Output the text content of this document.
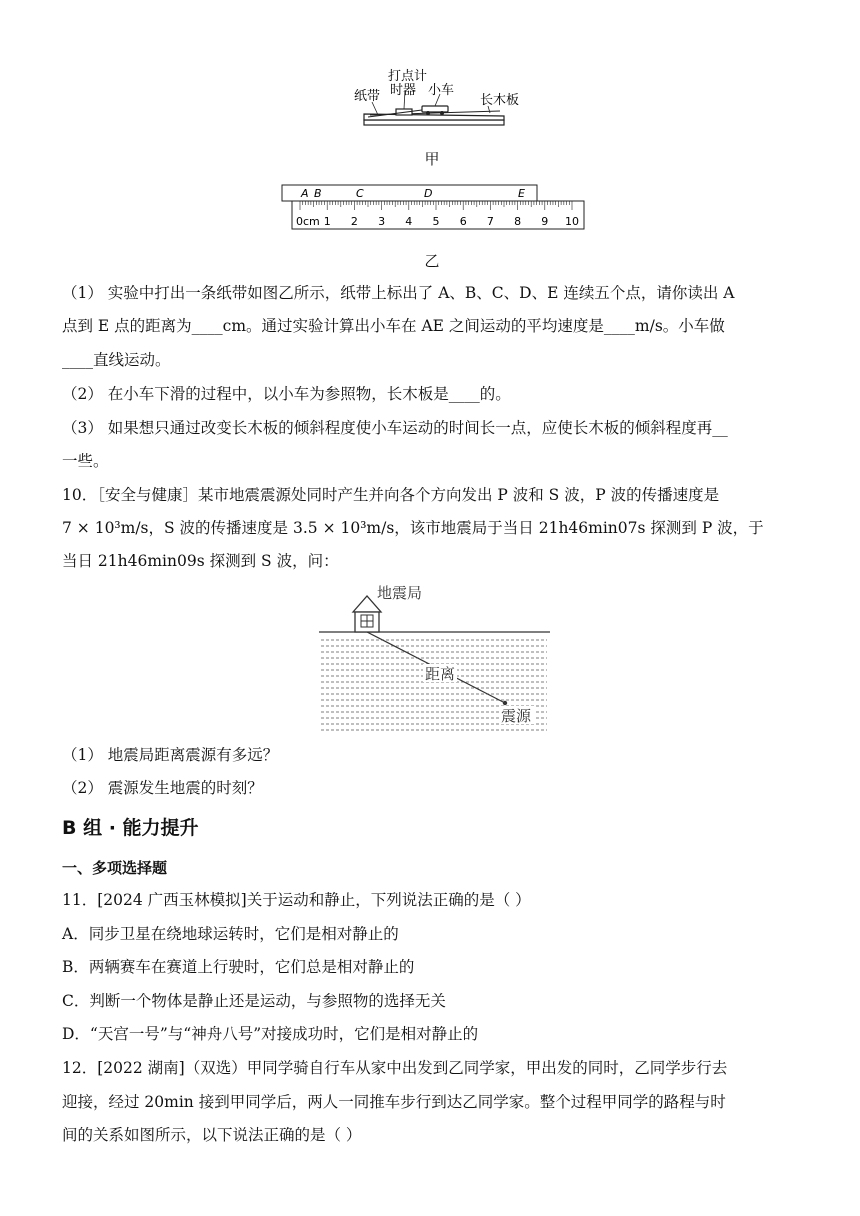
打点计
时器
纸带	小车
长木板
甲
A B	C	D	E
0cm 1 2 3 4 5 6 7 8 9 10
乙
（1） 实验中打出一条纸带如图乙所示，纸带上标出了 A、B、C、D、E 连续五个点，请你读出 A
点到 E 点的距离为____cm。通过实验计算出小车在 AE 之间运动的平均速度是____m/s。小车做
____直线运动。
（2） 在小车下滑的过程中，以小车为参照物，长木板是____的。
（3） 如果想只通过改变长木板的倾斜程度使小车运动的时间长一点，应使长木板的倾斜程度再__
一些。
10．［安全与健康］某市地震震源处同时产生并向各个方向发出 P 波和 S 波，P 波的传播速度是
7 × 10³m/s，S 波的传播速度是 3.5 × 10³m/s，该市地震局于当日 21h46min07s 探测到 P 波，于
当日 21h46min09s 探测到 S 波，问：
地震局
距离
震源
（1） 地震局距离震源有多远？
（2） 震源发生地震的时刻？
B 组 · 能力提升
一、多项选择题
11．[2024 广西玉林模拟]关于运动和静止，下列说法正确的是（ ）
A．同步卫星在绕地球运转时，它们是相对静止的
B．两辆赛车在赛道上行驶时，它们总是相对静止的
C．判断一个物体是静止还是运动，与参照物的选择无关
D．“天宫一号”与“神舟八号”对接成功时，它们是相对静止的
12．[2022 湖南]（双选）甲同学骑自行车从家中出发到乙同学家，甲出发的同时，乙同学步行去
迎接，经过 20min 接到甲同学后，两人一同推车步行到达乙同学家。整个过程甲同学的路程与时
间的关系如图所示，以下说法正确的是（ ）
